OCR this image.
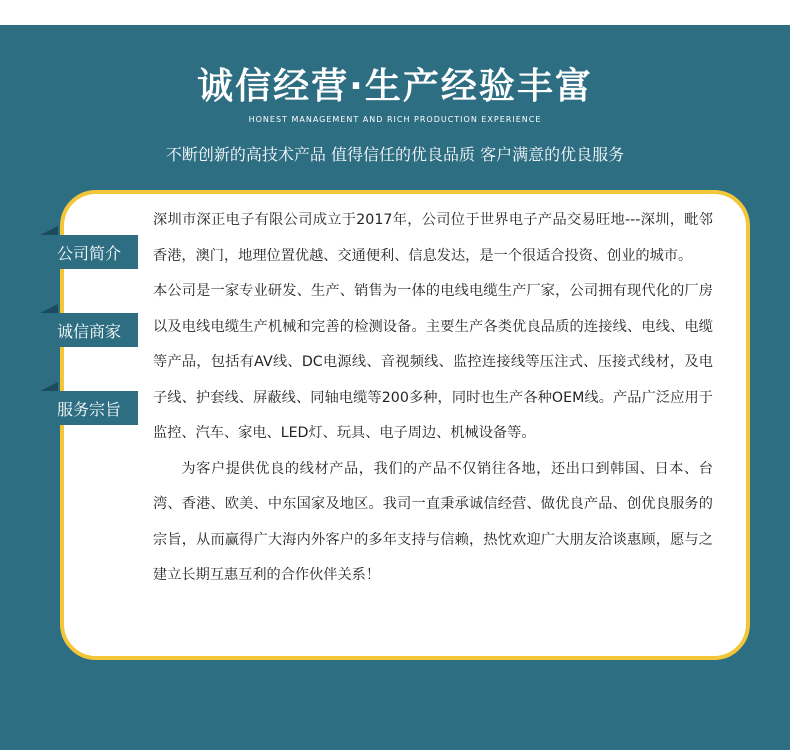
诚信经营·生产经验丰富
HONEST MANAGEMENT AND RICH PRODUCTION EXPERIENCE
不断创新的高技术产品 值得信任的优良品质 客户满意的优良服务
公司简介
诚信商家
服务宗旨

深圳市深正电子有限公司成立于2017年，公司位于世界电子产品交易旺地---深圳，毗邻香港，澳门，地理位置优越、交通便利、信息发达，是一个很适合投资、创业的城市。

本公司是一家专业研发、生产、销售为一体的电线电缆生产厂家，公司拥有现代化的厂房以及电线电缆生产机械和完善的检测设备。主要生产各类优良品质的连接线、电线、电缆等产品，包括有AV线、DC电源线、音视频线、监控连接线等压注式、压接式线材，及电子线、护套线、屏蔽线、同轴电缆等200多种，同时也生产各种OEM线。产品广泛应用于监控、汽车、家电、LED灯、玩具、电子周边、机械设备等。

为客户提供优良的线材产品，我们的产品不仅销往各地，还出口到韩国、日本、台湾、香港、欧美、中东国家及地区。我司一直秉承诚信经营、做优良产品、创优良服务的宗旨，从而赢得广大海内外客户的多年支持与信赖，热忱欢迎广大朋友洽谈惠顾，愿与之建立长期互惠互利的合作伙伴关系！
